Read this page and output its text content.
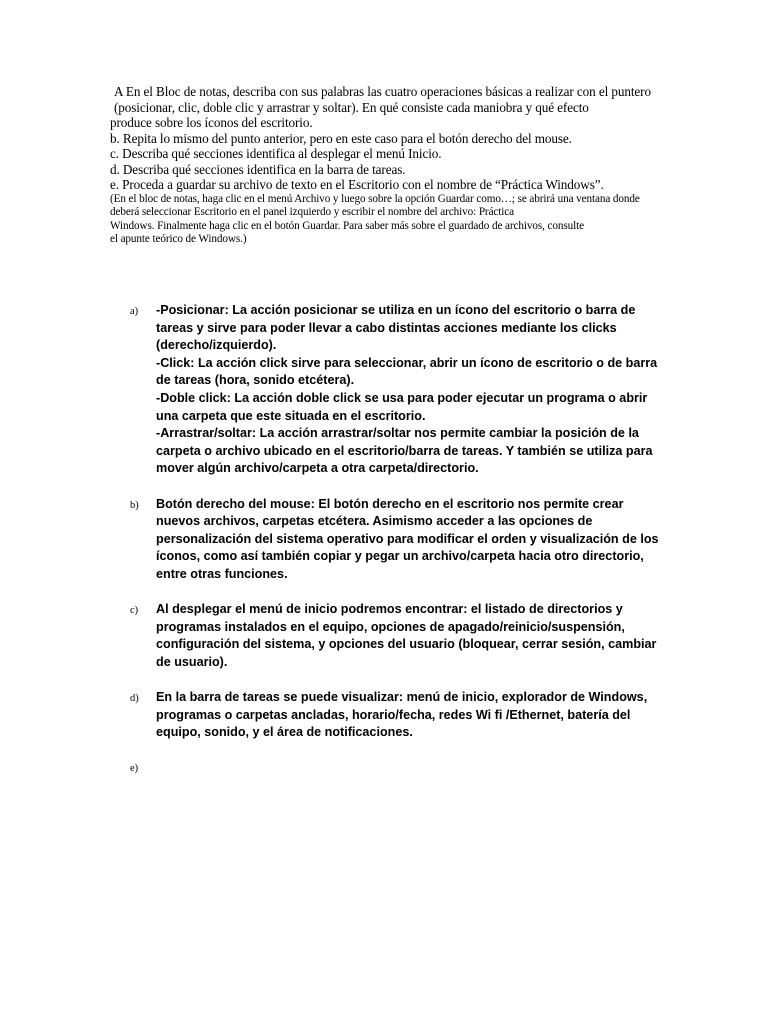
A En el Bloc de notas, describa con sus palabras las cuatro operaciones básicas a realizar con el puntero (posicionar, clic, doble clic y arrastrar y soltar). En qué consiste cada maniobra y qué efecto

produce sobre los íconos del escritorio.

b. Repita lo mismo del punto anterior, pero en este caso para el botón derecho del mouse.

c. Describa qué secciones identifica al desplegar el menú Inicio.

d. Describa qué secciones identifica en la barra de tareas.

e. Proceda a guardar su archivo de texto en el Escritorio con el nombre de “Práctica Windows”.

(En el bloc de notas, haga clic en el menú Archivo y luego sobre la opción Guardar como…; se abrirá una ventana donde deberá seleccionar Escritorio en el panel izquierdo y escribir el nombre del archivo: Práctica

Windows. Finalmente haga clic en el botón Guardar. Para saber más sobre el guardado de archivos, consulte

el apunte teórico de Windows.)

a) -Posicionar: La acción posicionar se utiliza en un ícono del escritorio o barra de tareas y sirve para poder llevar a cabo distintas acciones mediante los clicks (derecho/izquierdo).

-Click: La acción click sirve para seleccionar, abrir un ícono de escritorio o de barra de tareas (hora, sonido etcétera).

-Doble click: La acción doble click se usa para poder ejecutar un programa o abrir una carpeta que este situada en el escritorio.

-Arrastrar/soltar: La acción arrastrar/soltar nos permite cambiar la posición de la carpeta o archivo ubicado en el escritorio/barra de tareas. Y también se utiliza para mover algún archivo/carpeta a otra carpeta/directorio.

b) Botón derecho del mouse: El botón derecho en el escritorio nos permite crear nuevos archivos, carpetas etcétera. Asimismo acceder a las opciones de personalización del sistema operativo para modificar el orden y visualización de los íconos, como así también copiar y pegar un archivo/carpeta hacia otro directorio, entre otras funciones.

c) Al desplegar el menú de inicio podremos encontrar: el listado de directorios y programas instalados en el equipo, opciones de apagado/reinicio/suspensión, configuración del sistema, y opciones del usuario (bloquear, cerrar sesión, cambiar de usuario).

d) En la barra de tareas se puede visualizar: menú de inicio, explorador de Windows, programas o carpetas ancladas, horario/fecha, redes Wi fi /Ethernet, batería del equipo, sonido, y el área de notificaciones.

e)
